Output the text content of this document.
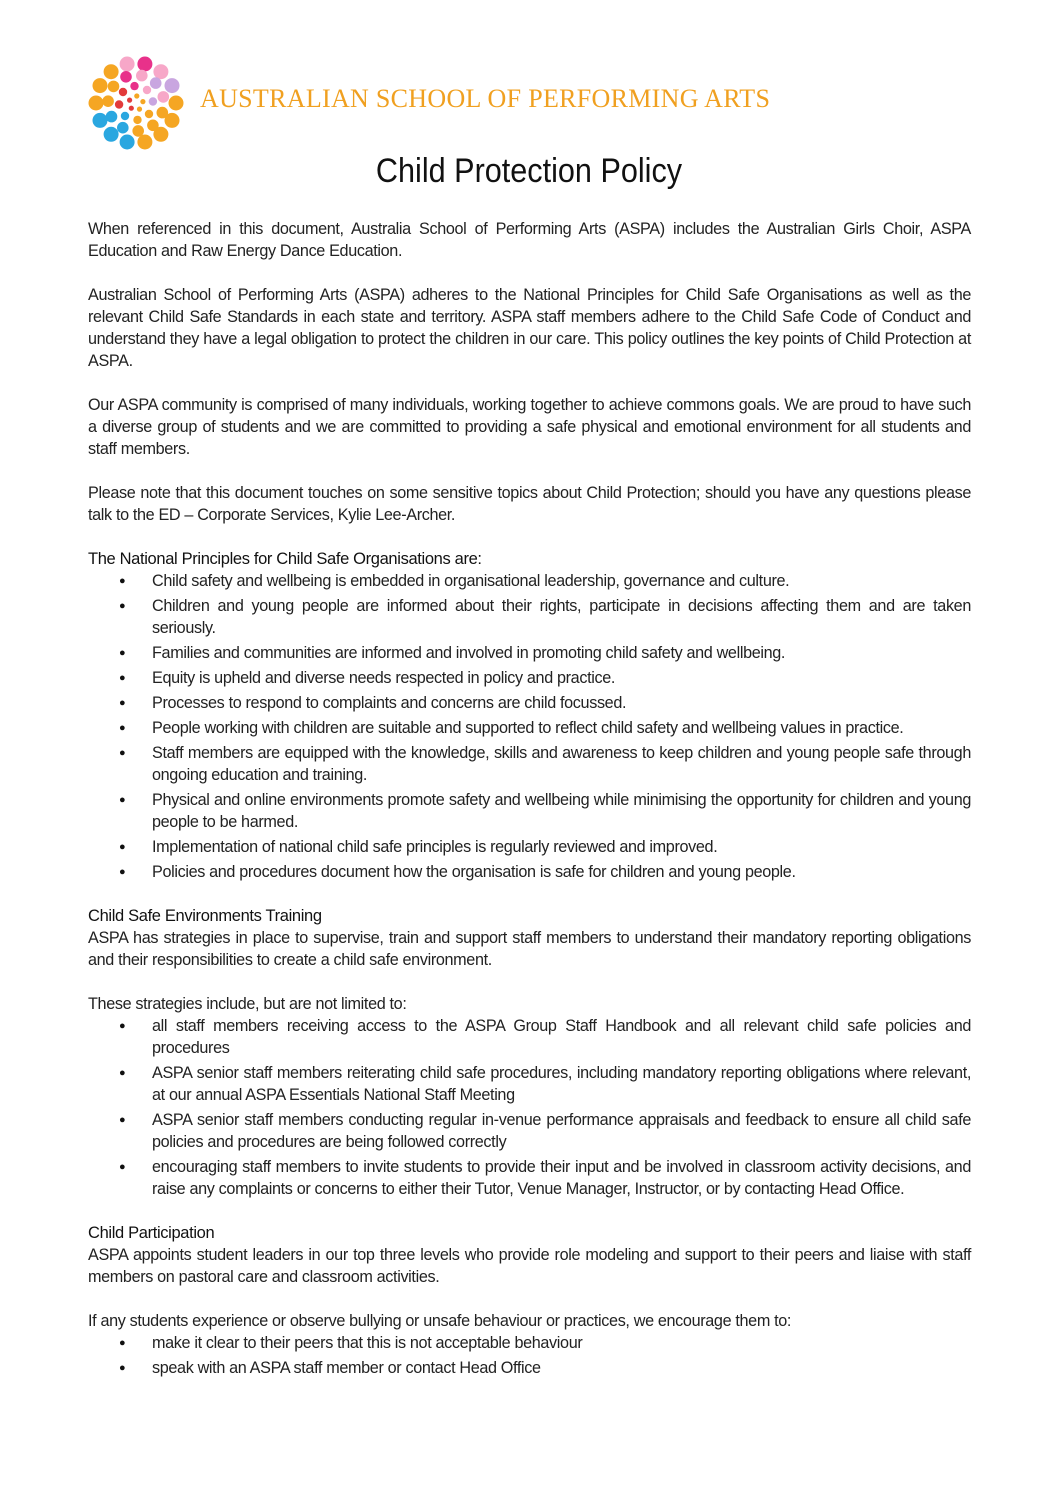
AUSTRALIAN SCHOOL OF PERFORMING ARTS
Child Protection Policy

When referenced in this document, Australia School of Performing Arts (ASPA) includes the Australian Girls Choir, ASPA Education and Raw Energy Dance Education.

Australian School of Performing Arts (ASPA) adheres to the National Principles for Child Safe Organisations as well as the relevant Child Safe Standards in each state and territory. ASPA staff members adhere to the Child Safe Code of Conduct and understand they have a legal obligation to protect the children in our care. This policy outlines the key points of Child Protection at ASPA.

Our ASPA community is comprised of many individuals, working together to achieve commons goals. We are proud to have such a diverse group of students and we are committed to providing a safe physical and emotional environment for all students and staff members.

Please note that this document touches on some sensitive topics about Child Protection; should you have any questions please talk to the ED – Corporate Services, Kylie Lee-Archer.

The National Principles for Child Safe Organisations are:
● Child safety and wellbeing is embedded in organisational leadership, governance and culture.
● Children and young people are informed about their rights, participate in decisions affecting them and are taken seriously.
● Families and communities are informed and involved in promoting child safety and wellbeing.
● Equity is upheld and diverse needs respected in policy and practice.
● Processes to respond to complaints and concerns are child focussed.
● People working with children are suitable and supported to reflect child safety and wellbeing values in practice.
● Staff members are equipped with the knowledge, skills and awareness to keep children and young people safe through ongoing education and training.
● Physical and online environments promote safety and wellbeing while minimising the opportunity for children and young people to be harmed.
● Implementation of national child safe principles is regularly reviewed and improved.
● Policies and procedures document how the organisation is safe for children and young people.
Child Safe Environments Training

ASPA has strategies in place to supervise, train and support staff members to understand their mandatory reporting obligations and their responsibilities to create a child safe environment.

These strategies include, but are not limited to:

● all staff members receiving access to the ASPA Group Staff Handbook and all relevant child safe policies and procedures
● ASPA senior staff members reiterating child safe procedures, including mandatory reporting obligations where relevant, at our annual ASPA Essentials National Staff Meeting
● ASPA senior staff members conducting regular in-venue performance appraisals and feedback to ensure all child safe policies and procedures are being followed correctly
● encouraging staff members to invite students to provide their input and be involved in classroom activity decisions, and raise any complaints or concerns to either their Tutor, Venue Manager, Instructor, or by contacting Head Office.
Child Participation

ASPA appoints student leaders in our top three levels who provide role modeling and support to their peers and liaise with staff members on pastoral care and classroom activities.

If any students experience or observe bullying or unsafe behaviour or practices, we encourage them to:

● make it clear to their peers that this is not acceptable behaviour
● speak with an ASPA staff member or contact Head Office
